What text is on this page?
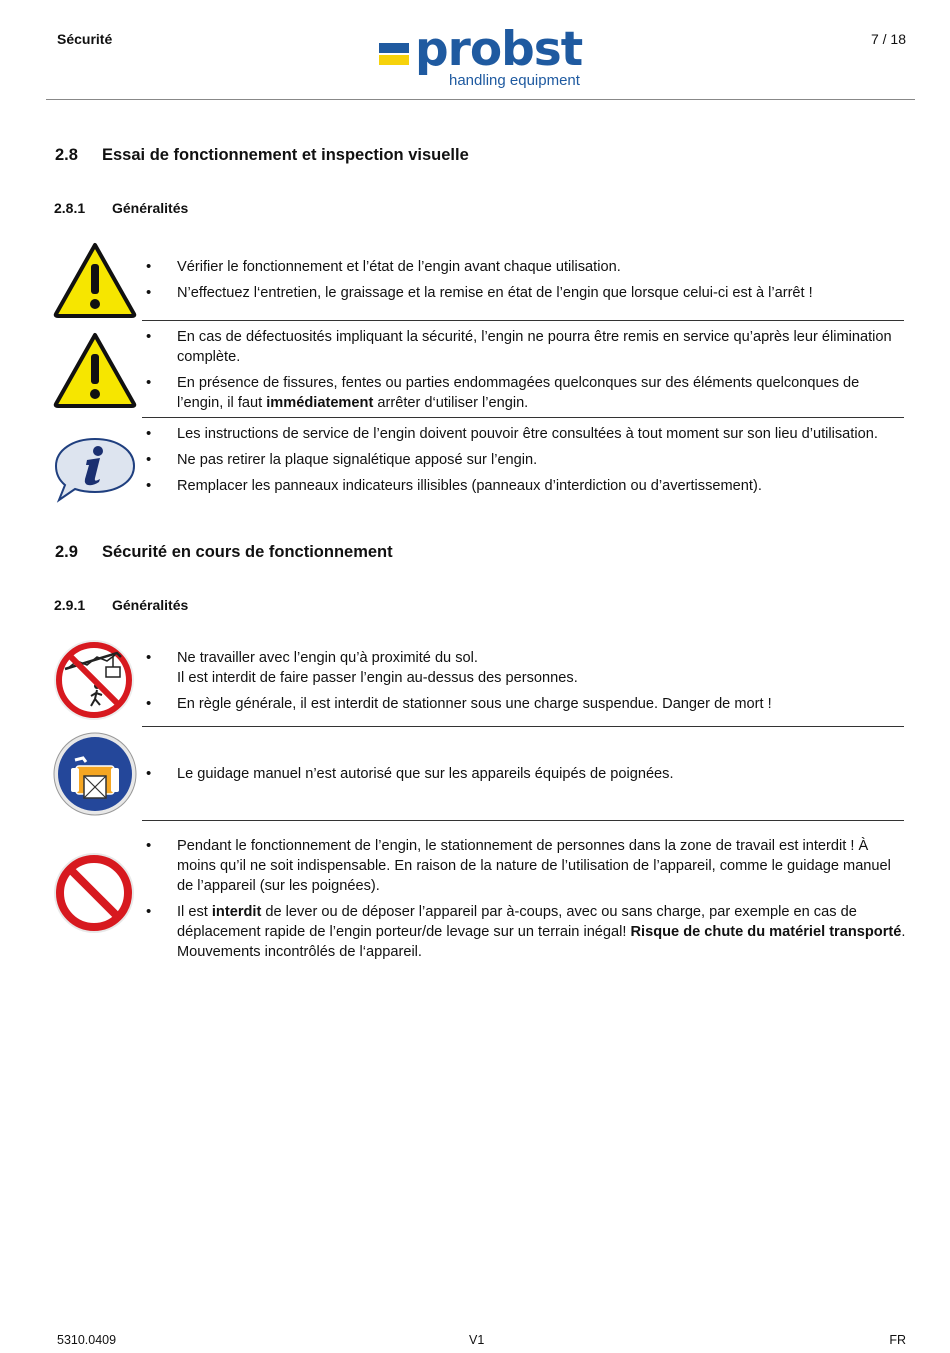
Sécurité	probst
handling equipment
7 / 18
2.8 Essai de fonctionnement et inspection visuelle
2.8.1 Généralités
• Vérifier le fonctionnement et l’état de l’engin avant chaque utilisation.
• N’effectuez l‘entretien, le graissage et la remise en état de l’engin que lorsque celui-ci est à l’arrêt !
• En cas de défectuosités impliquant la sécurité, l’engin ne pourra être remis en service qu’après leur élimination complète.
• En présence de fissures, fentes ou parties endommagées quelconques sur des éléments quelconques de l’engin, il faut immédiatement arrêter d‘utiliser l’engin.
• Les instructions de service de l’engin doivent pouvoir être consultées à tout moment sur son lieu d’utilisation.
• Ne pas retirer la plaque signalétique apposé sur l’engin.
• Remplacer les panneaux indicateurs illisibles (panneaux d’interdiction ou d’avertissement).
2.9 Sécurité en cours de fonctionnement
2.9.1 Généralités
• Ne travailler avec l’engin qu’à proximité du sol.
Il est interdit de faire passer l’engin au-dessus des personnes.
• En règle générale, il est interdit de stationner sous une charge suspendue. Danger de mort !
• Le guidage manuel n’est autorisé que sur les appareils équipés de poignées.
• Pendant le fonctionnement de l’engin, le stationnement de personnes dans la zone de travail est interdit ! À moins qu’il ne soit indispensable. En raison de la nature de l’utilisation de l’appareil, comme le guidage manuel de l’appareil (sur les poignées).
• Il est interdit de lever ou de déposer l’appareil par à-coups, avec ou sans charge, par exemple en cas de déplacement rapide de l’engin porteur/de levage sur un terrain inégal! Risque de chute du matériel transporté. Mouvements incontrôlés de l‘appareil.
5310.0409	V1	FR
